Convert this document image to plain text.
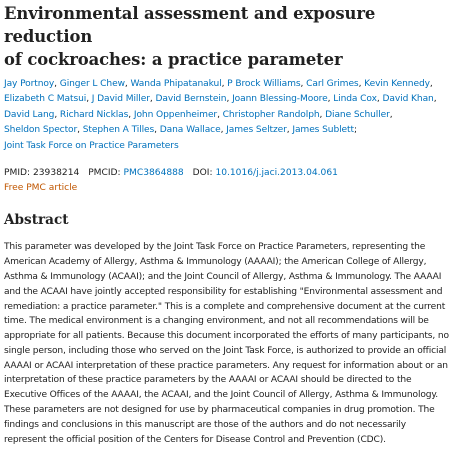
Environmental assessment and exposure reduction
of cockroaches: a practice parameter
Jay Portnoy, Ginger L Chew, Wanda Phipatanakul, P Brock Williams, Carl Grimes, Kevin Kennedy,
Elizabeth C Matsui, J David Miller, David Bernstein, Joann Blessing-Moore, Linda Cox, David Khan,
David Lang, Richard Nicklas, John Oppenheimer, Christopher Randolph, Diane Schuller,
Sheldon Spector, Stephen A Tilles, Dana Wallace, James Seltzer, James Sublett;
Joint Task Force on Practice Parameters
PMID: 23938214 PMCID: PMC3864888 DOI: 10.1016/j.jaci.2013.04.061
Free PMC article
Abstract

This parameter was developed by the Joint Task Force on Practice Parameters, representing the American Academy of Allergy, Asthma & Immunology (AAAAI); the American College of Allergy, Asthma & Immunology (ACAAI); and the Joint Council of Allergy, Asthma & Immunology. The AAAAI and the ACAAI have jointly accepted responsibility for establishing "Environmental assessment and remediation: a practice parameter." This is a complete and comprehensive document at the current time. The medical environment is a changing environment, and not all recommendations will be appropriate for all patients. Because this document incorporated the efforts of many participants, no single person, including those who served on the Joint Task Force, is authorized to provide an official AAAAI or ACAAI interpretation of these practice parameters. Any request for information about or an interpretation of these practice parameters by the AAAAI or ACAAI should be directed to the Executive Offices of the AAAAI, the ACAAI, and the Joint Council of Allergy, Asthma & Immunology. These parameters are not designed for use by pharmaceutical companies in drug promotion. The findings and conclusions in this manuscript are those of the authors and do not necessarily represent the official position of the Centers for Disease Control and Prevention (CDC).
